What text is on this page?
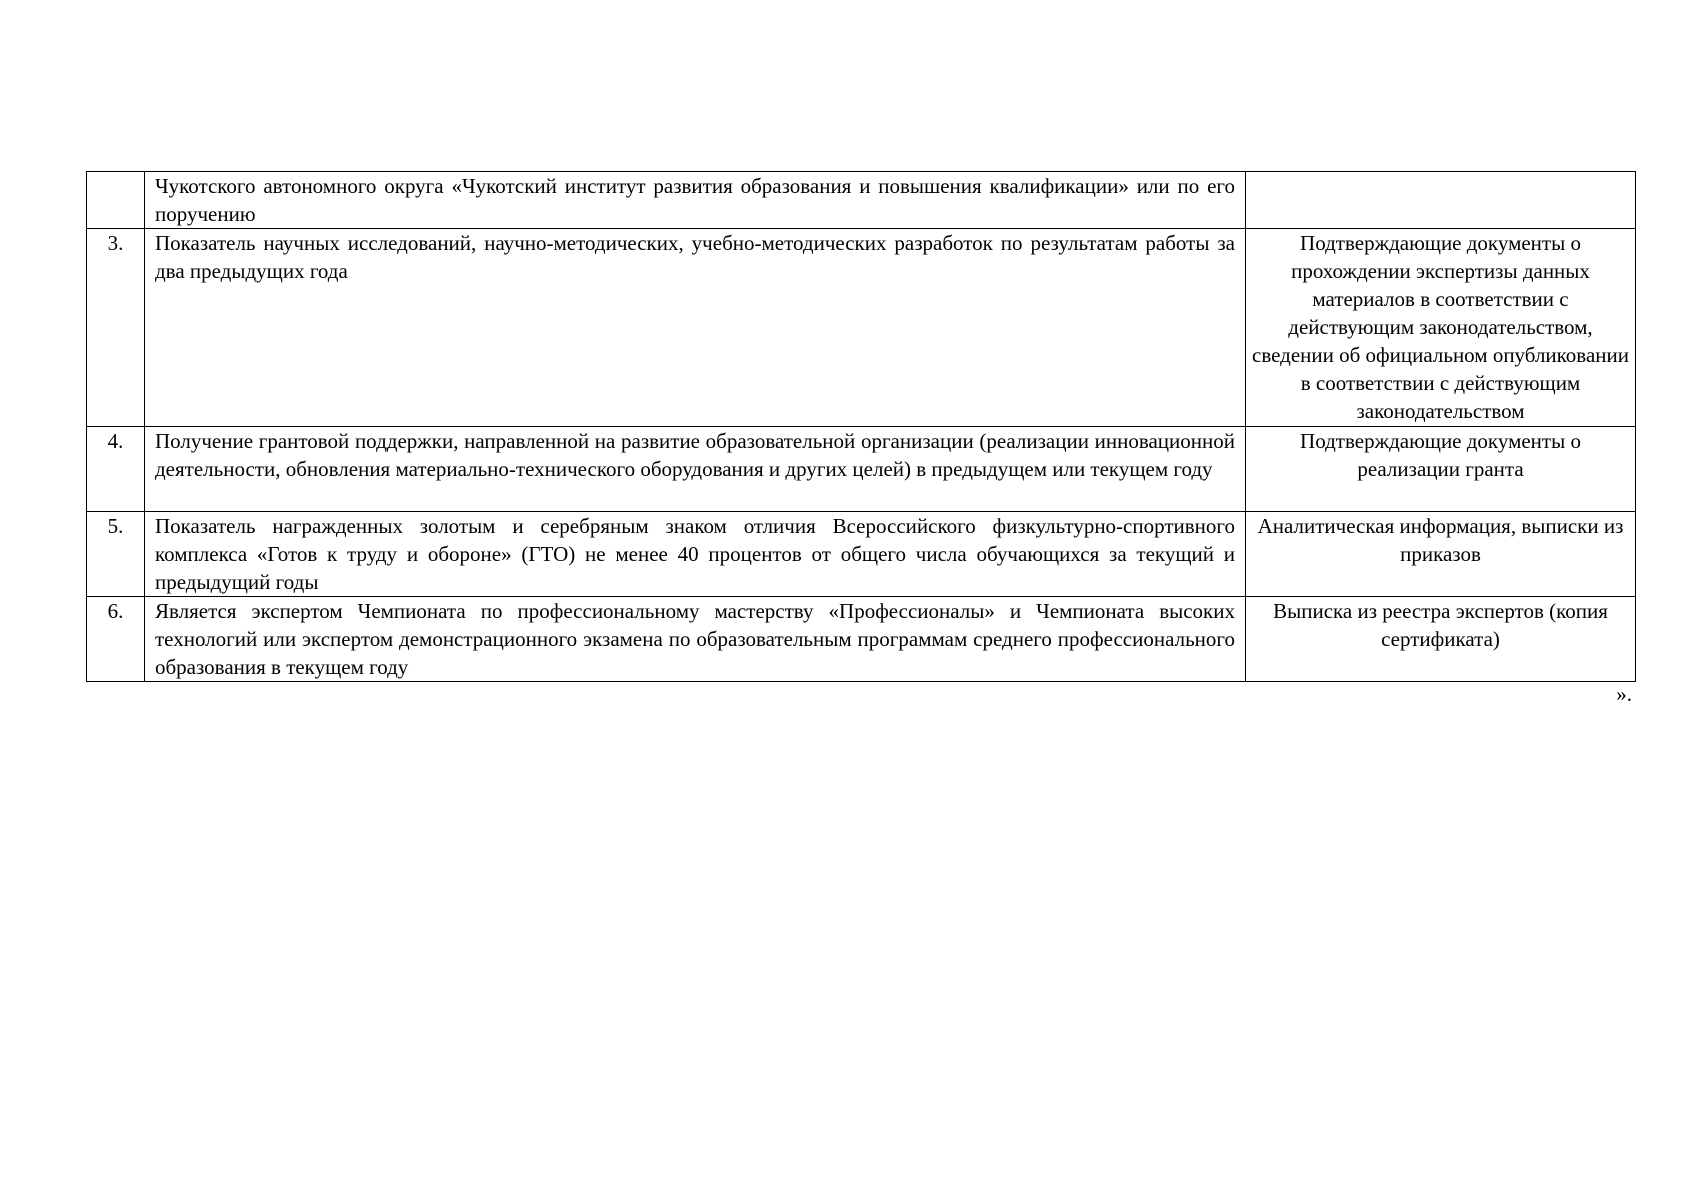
	Чукотского автономного округа «Чукотский институт развития образования и повышения квалификации» или по его поручению	
3.	Показатель научных исследований, научно-методических, учебно-методических разработок по результатам работы за два предыдущих года	Подтверждающие документы о прохождении экспертизы данных материалов в соответствии с действующим законодательством, сведении об официальном опубликовании в соответствии с действующим законодательством
4.	Получение грантовой поддержки, направленной на развитие образовательной организации (реализации инновационной деятельности, обновления материально-технического оборудования и других целей) в предыдущем или текущем году	Подтверждающие документы о реализации гранта
5.	Показатель награжденных золотым и серебряным знаком отличия Всероссийского физкультурно-спортивного комплекса «Готов к труду и обороне» (ГТО) не менее 40 процентов от общего числа обучающихся за текущий и предыдущий годы	Аналитическая информация, выписки из приказов
6.	Является экспертом Чемпионата по профессиональному мастерству «Профессионалы» и Чемпионата высоких технологий или экспертом демонстрационного экзамена по образовательным программам среднего профессионального образования в текущем году	Выписка из реестра экспертов (копия сертификата)
».
